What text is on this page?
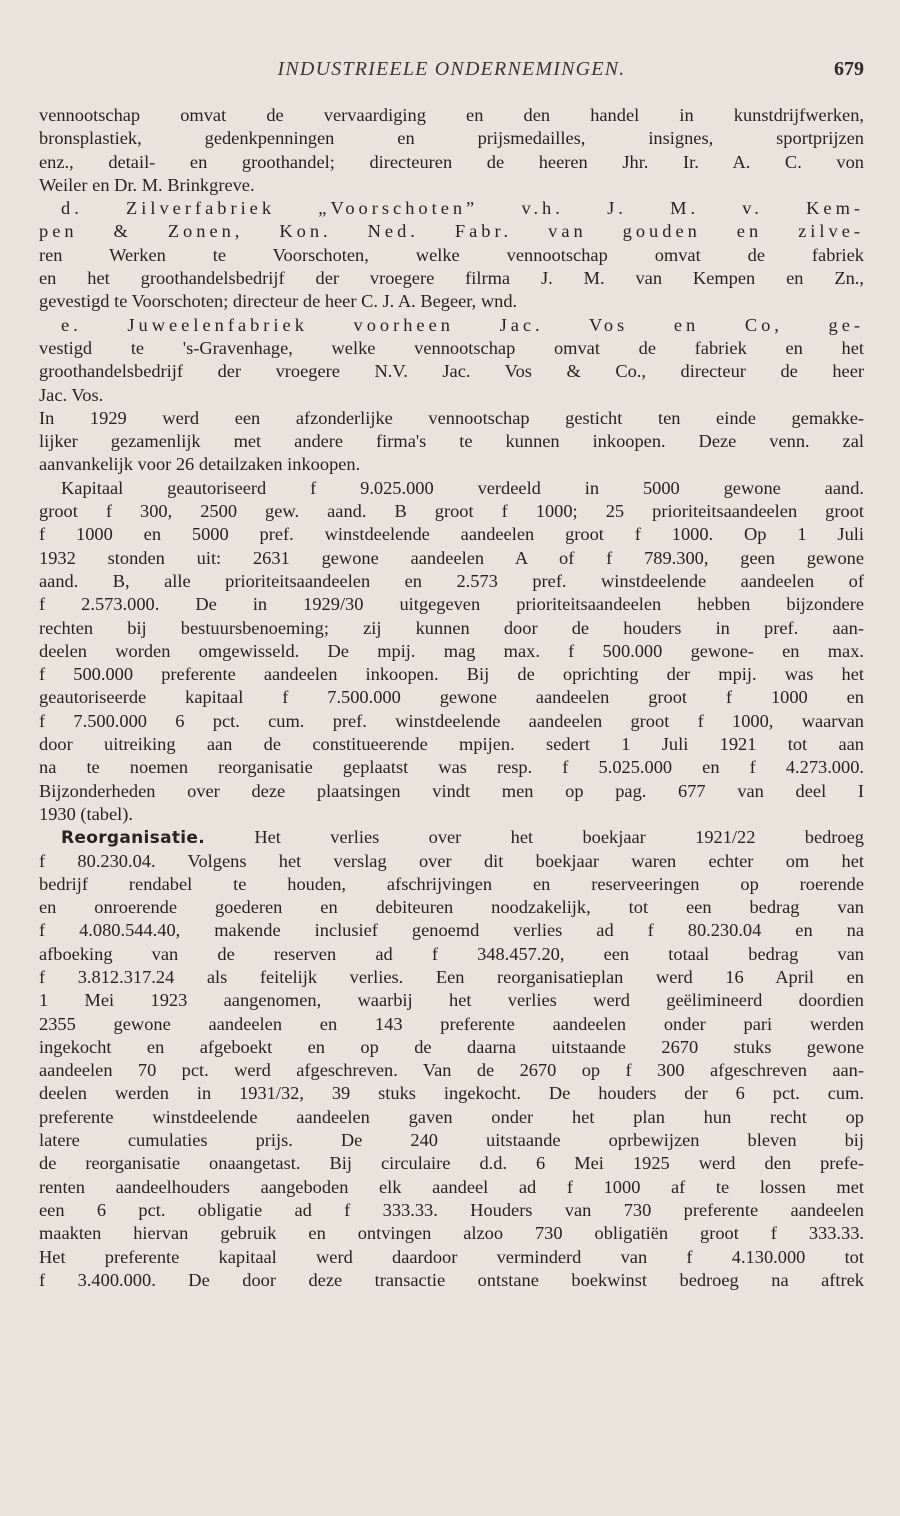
INDUSTRIEELE ONDERNEMINGEN.	679
vennootschap omvat de vervaardiging en den handel in kunstdrijfwerken,
bronsplastiek, gedenkpenningen en prijsmedailles, insignes, sportprijzen
enz., detail- en groothandel; directeuren de heeren Jhr. Ir. A. C. von
Weiler en Dr. M. Brinkgreve.
d. Zilverfabriek „Voorschoten” v.h. J. M. v. Kem-
pen & Zonen, Kon. Ned. Fabr. van gouden en zilve-
ren Werken te Voorschoten, welke vennootschap omvat de fabriek
en het groothandelsbedrijf der vroegere filrma J. M. van Kempen en Zn.,
gevestigd te Voorschoten; directeur de heer C. J. A. Begeer, wnd.
e. Juweelenfabriek voorheen Jac. Vos en Co, ge-
vestigd te 's-Gravenhage, welke vennootschap omvat de fabriek en het
groothandelsbedrijf der vroegere N.V. Jac. Vos & Co., directeur de heer
Jac. Vos.
In 1929 werd een afzonderlijke vennootschap gesticht ten einde gemakke-
lijker gezamenlijk met andere firma's te kunnen inkoopen. Deze venn. zal
aanvankelijk voor 26 detailzaken inkoopen.
Kapitaal geautoriseerd f 9.025.000 verdeeld in 5000 gewone aand.
groot f 300, 2500 gew. aand. B groot f 1000; 25 prioriteitsaandeelen groot
f 1000 en 5000 pref. winstdeelende aandeelen groot f 1000. Op 1 Juli
1932 stonden uit: 2631 gewone aandeelen A of f 789.300, geen gewone
aand. B, alle prioriteitsaandeelen en 2.573 pref. winstdeelende aandeelen of
f 2.573.000. De in 1929/30 uitgegeven prioriteitsaandeelen hebben bijzondere
rechten bij bestuursbenoeming; zij kunnen door de houders in pref. aan-
deelen worden omgewisseld. De mpij. mag max. f 500.000 gewone- en max.
f 500.000 preferente aandeelen inkoopen. Bij de oprichting der mpij. was het
geautoriseerde kapitaal f 7.500.000 gewone aandeelen groot f 1000 en
f 7.500.000 6 pct. cum. pref. winstdeelende aandeelen groot f 1000, waarvan
door uitreiking aan de constitueerende mpijen. sedert 1 Juli 1921 tot aan
na te noemen reorganisatie geplaatst was resp. f 5.025.000 en f 4.273.000.
Bijzonderheden over deze plaatsingen vindt men op pag. 677 van deel I
1930 (tabel).
Reorganisatie. Het verlies over het boekjaar 1921/22 bedroeg
f 80.230.04. Volgens het verslag over dit boekjaar waren echter om het
bedrijf rendabel te houden, afschrijvingen en reserveeringen op roerende
en onroerende goederen en debiteuren noodzakelijk, tot een bedrag van
f 4.080.544.40, makende inclusief genoemd verlies ad f 80.230.04 en na
afboeking van de reserven ad f 348.457.20, een totaal bedrag van
f 3.812.317.24 als feitelijk verlies. Een reorganisatieplan werd 16 April en
1 Mei 1923 aangenomen, waarbij het verlies werd geëlimineerd doordien
2355 gewone aandeelen en 143 preferente aandeelen onder pari werden
ingekocht en afgeboekt en op de daarna uitstaande 2670 stuks gewone
aandeelen 70 pct. werd afgeschreven. Van de 2670 op f 300 afgeschreven aan-
deelen werden in 1931/32, 39 stuks ingekocht. De houders der 6 pct. cum.
preferente winstdeelende aandeelen gaven onder het plan hun recht op
latere cumulaties prijs. De 240 uitstaande oprbewijzen bleven bij
de reorganisatie onaangetast. Bij circulaire d.d. 6 Mei 1925 werd den prefe-
renten aandeelhouders aangeboden elk aandeel ad f 1000 af te lossen met
een 6 pct. obligatie ad f 333.33. Houders van 730 preferente aandeelen
maakten hiervan gebruik en ontvingen alzoo 730 obligatiën groot f 333.33.
Het preferente kapitaal werd daardoor verminderd van f 4.130.000 tot
f 3.400.000. De door deze transactie ontstane boekwinst bedroeg na aftrek
